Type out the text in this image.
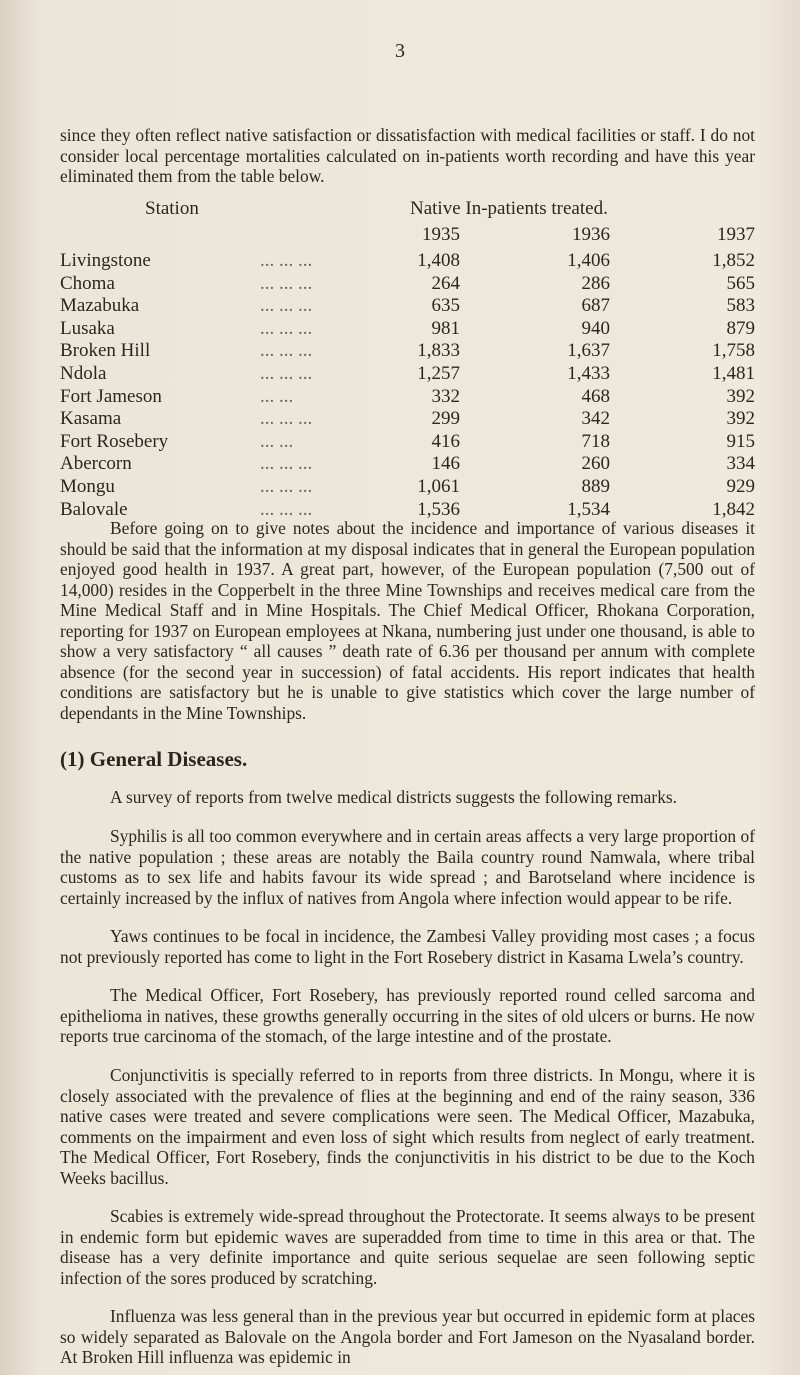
3

since they often reflect native satisfaction or dissatisfaction with medical facilities or staff. I do not consider local percentage mortalities calculated on in-patients worth recording and have this year eliminated them from the table below.

Station	Native In-patients treated.
1935	1936	1937
Livingstone	... ... ...	1,408	1,406	1,852
Choma	... ... ...	264	286	565
Mazabuka	... ... ...	635	687	583
Lusaka	... ... ...	981	940	879
Broken Hill	... ... ...	1,833	1,637	1,758
Ndola	... ... ...	1,257	1,433	1,481
Fort Jameson	... ...	332	468	392
Kasama	... ... ...	299	342	392
Fort Rosebery	... ...	416	718	915
Abercorn	... ... ...	146	260	334
Mongu	... ... ...	1,061	889	929
Balovale	... ... ...	1,536	1,534	1,842

Before going on to give notes about the incidence and importance of various diseases it should be said that the information at my disposal indicates that in general the European population enjoyed good health in 1937. A great part, however, of the European population (7,500 out of 14,000) resides in the Copperbelt in the three Mine Townships and receives medical care from the Mine Medical Staff and in Mine Hospitals. The Chief Medical Officer, Rhokana Corporation, reporting for 1937 on European employees at Nkana, numbering just under one thousand, is able to show a very satisfactory “ all causes ” death rate of 6.36 per thousand per annum with complete absence (for the second year in succession) of fatal accidents. His report indicates that health conditions are satisfactory but he is unable to give statistics which cover the large number of dependants in the Mine Townships.

(1) General Diseases.

A survey of reports from twelve medical districts suggests the following remarks.

Syphilis is all too common everywhere and in certain areas affects a very large proportion of the native population ; these areas are notably the Baila country round Namwala, where tribal customs as to sex life and habits favour its wide spread ; and Barotseland where incidence is certainly increased by the influx of natives from Angola where infection would appear to be rife.

Yaws continues to be focal in incidence, the Zambesi Valley providing most cases ; a focus not previously reported has come to light in the Fort Rosebery district in Kasama Lwela’s country.

The Medical Officer, Fort Rosebery, has previously reported round celled sarcoma and epithelioma in natives, these growths generally occurring in the sites of old ulcers or burns. He now reports true carcinoma of the stomach, of the large intestine and of the prostate.

Conjunctivitis is specially referred to in reports from three districts. In Mongu, where it is closely associated with the prevalence of flies at the beginning and end of the rainy season, 336 native cases were treated and severe complications were seen. The Medical Officer, Mazabuka, comments on the impairment and even loss of sight which results from neglect of early treatment. The Medical Officer, Fort Rosebery, finds the conjunctivitis in his district to be due to the Koch Weeks bacillus.

Scabies is extremely wide-spread throughout the Protectorate. It seems always to be present in endemic form but epidemic waves are superadded from time to time in this area or that. The disease has a very definite importance and quite serious sequelae are seen following septic infection of the sores produced by scratching.

Influenza was less general than in the previous year but occurred in epidemic form at places so widely separated as Balovale on the Angola border and Fort Jameson on the Nyasaland border. At Broken Hill influenza was epidemic in
